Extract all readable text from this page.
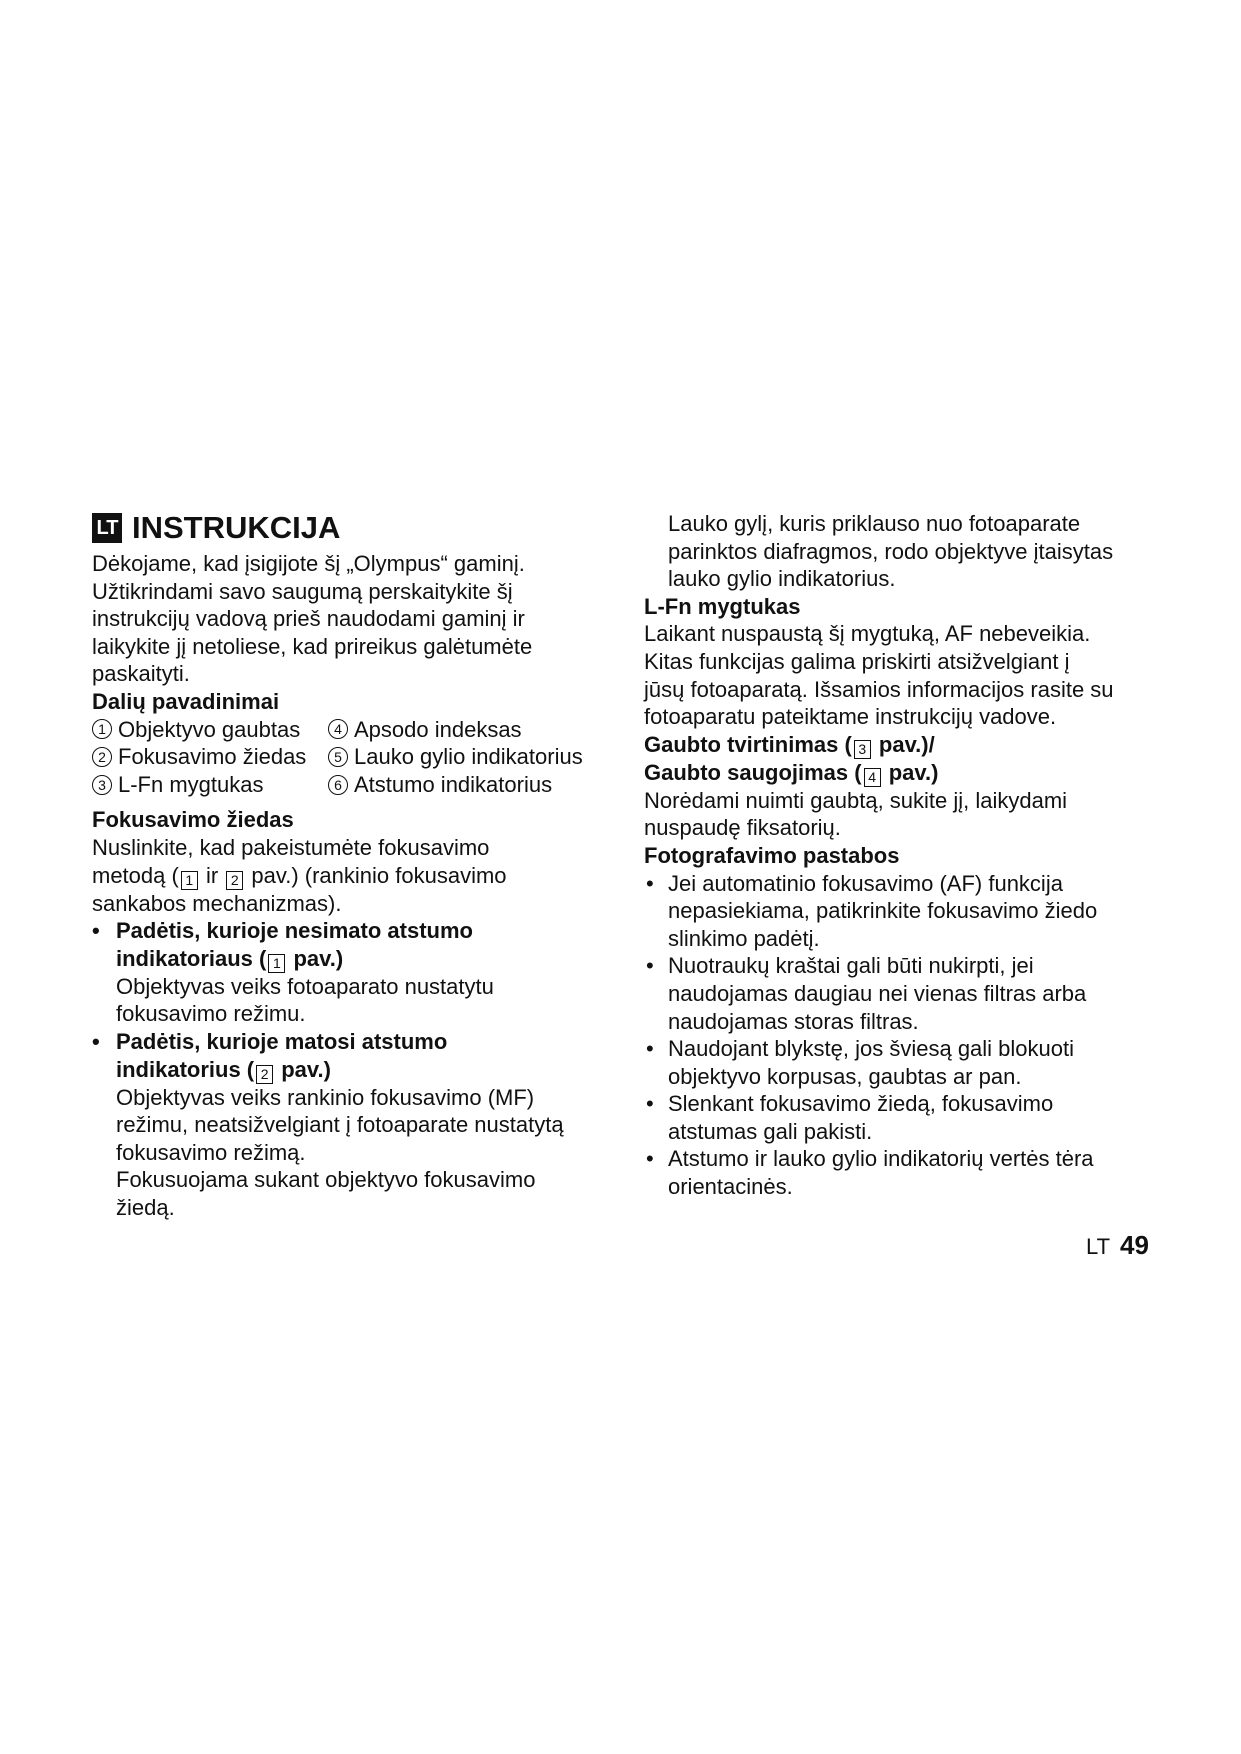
LT INSTRUKCIJA

Dėkojame, kad įsigijote šį „Olympus“ gaminį.

Užtikrindami savo saugumą perskaitykite šį

instrukcijų vadovą prieš naudodami gaminį ir

laikykite jį netoliese, kad prireikus galėtumėte

paskaityti.

Dalių pavadinimai

1 Objektyvo gaubtas	4 Apsodo indeksas
2 Fokusavimo žiedas	5 Lauko gylio indikatorius
3 L-Fn mygtukas	6 Atstumo indikatorius

Fokusavimo žiedas

Nuslinkite, kad pakeistumėte fokusavimo

metodą ( 1 ir 2 pav.) (rankinio fokusavimo

sankabos mechanizmas).

• Padėtis, kurioje nesimato atstumo

indikatoriaus ( 1 pav.)

Objektyvas veiks fotoaparato nustatytu

fokusavimo režimu.

• Padėtis, kurioje matosi atstumo

indikatorius ( 2 pav.)

Objektyvas veiks rankinio fokusavimo (MF)

režimu, neatsižvelgiant į fotoaparate nustatytą

fokusavimo režimą.

Fokusuojama sukant objektyvo fokusavimo

žiedą.

Lauko gylį, kuris priklauso nuo fotoaparate

parinktos diafragmos, rodo objektyve įtaisytas

lauko gylio indikatorius.

L-Fn mygtukas

Laikant nuspaustą šį mygtuką, AF nebeveikia.

Kitas funkcijas galima priskirti atsižvelgiant į

jūsų fotoaparatą. Išsamios informacijos rasite su

fotoaparatu pateiktame instrukcijų vadove.

Gaubto tvirtinimas ( 3 pav.)/

Gaubto saugojimas ( 4 pav.)

Norėdami nuimti gaubtą, sukite jį, laikydami

nuspaudę fiksatorių.

Fotografavimo pastabos

• Jei automatinio fokusavimo (AF) funkcija

nepasiekiama, patikrinkite fokusavimo žiedo

slinkimo padėtį.

• Nuotraukų kraštai gali būti nukirpti, jei

naudojamas daugiau nei vienas filtras arba

naudojamas storas filtras.

• Naudojant blykstę, jos šviesą gali blokuoti

objektyvo korpusas, gaubtas ar pan.

• Slenkant fokusavimo žiedą, fokusavimo

atstumas gali pakisti.

• Atstumo ir lauko gylio indikatorių vertės tėra

orientacinės.

LT 49
